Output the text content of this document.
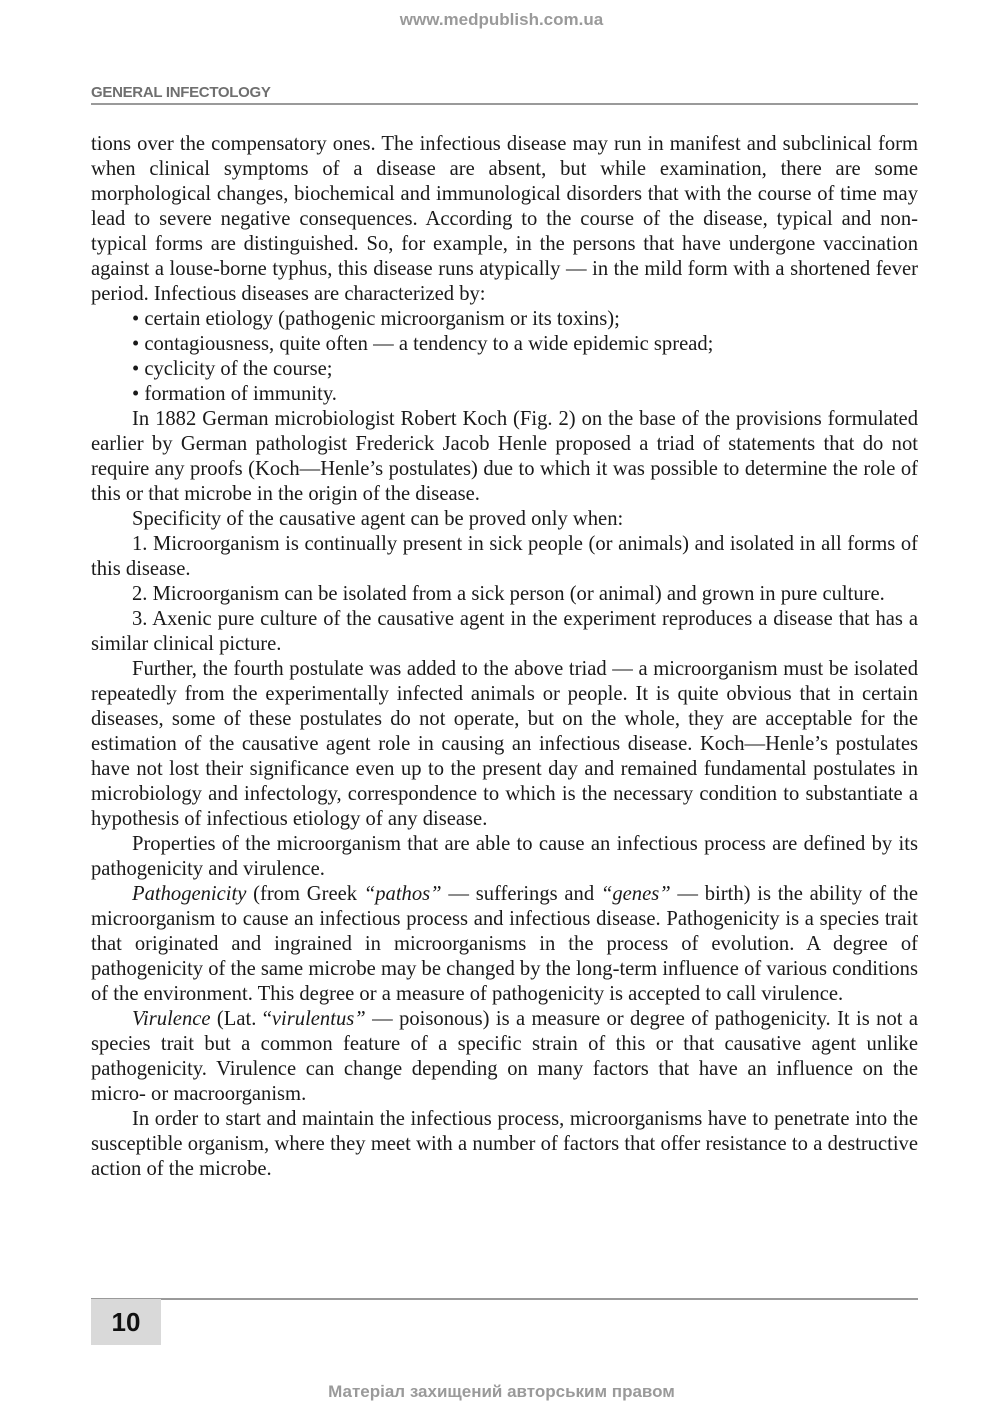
www.medpublish.com.ua
GENERAL INFECTOLOGY

tions over the compensatory ones. The infectious disease may run in manifest and subclinical form when clinical symptoms of a disease are absent, but while examination, there are some morphological changes, biochemical and immunological disorders that with the course of time may lead to severe negative consequences. According to the course of the disease, typical and non-typical forms are distinguished. So, for example, in the persons that have undergone vaccination against a louse-borne typhus, this disease runs atypically — in the mild form with a shortened fever period. Infectious diseases are characterized by:

• certain etiology (pathogenic microorganism or its toxins);

• contagiousness, quite often — a tendency to a wide epidemic spread;

• cyclicity of the course;

• formation of immunity.

In 1882 German microbiologist Robert Koch (Fig. 2) on the base of the provisions formulated earlier by German pathologist Frederick Jacob Henle proposed a triad of statements that do not require any proofs (Koch—Henle’s postulates) due to which it was possible to determine the role of this or that microbe in the origin of the disease.

Specificity of the causative agent can be proved only when:

1. Microorganism is continually present in sick people (or animals) and isolated in all forms of this disease.

2. Microorganism can be isolated from a sick person (or animal) and grown in pure culture.

3. Axenic pure culture of the causative agent in the experiment reproduces a disease that has a similar clinical picture.

Further, the fourth postulate was added to the above triad — a microorganism must be isolated repeatedly from the experimentally infected animals or people. It is quite obvious that in certain diseases, some of these postulates do not operate, but on the whole, they are acceptable for the estimation of the causative agent role in causing an infectious disease. Koch—Henle’s postulates have not lost their significance even up to the present day and remained fundamental postulates in microbiology and infectology, correspondence to which is the necessary condition to substantiate a hypothesis of infectious etiology of any disease.

Properties of the microorganism that are able to cause an infectious process are defined by its pathogenicity and virulence.

Pathogenicity (from Greek “pathos” — sufferings and “genes” — birth) is the ability of the microorganism to cause an infectious process and infectious disease. Pathogenicity is a species trait that originated and ingrained in microorganisms in the process of evolution. A degree of pathogenicity of the same microbe may be changed by the long-term influence of various conditions of the environment. This degree or a measure of pathogenicity is accepted to call virulence.

Virulence (Lat. “virulentus” — poisonous) is a measure or degree of pathogenicity. It is not a species trait but a common feature of a specific strain of this or that causative agent unlike pathogenicity. Virulence can change depending on many factors that have an influence on the micro- or macroorganism.

In order to start and maintain the infectious process, microorganisms have to penetrate into the susceptible organism, where they meet with a number of factors that offer resistance to a destructive action of the microbe.

10
Матеріал захищений авторським правом
